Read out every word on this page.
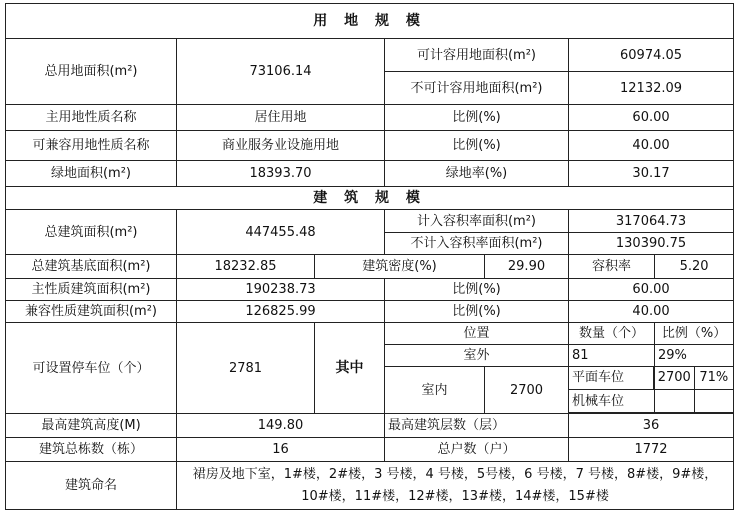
用 地 规 模						
总用地面积(m²)	73106.14		可计容用地面积(m²)		60974.05	
			不可计容用地面积(m²)		12132.09	
主用地性质名称	居住用地		比例(%)		60.00	
可兼容用地性质名称	商业服务业设施用地		比例(%)		40.00	
绿地面积(m²)	18393.70		绿地率(%)		30.17	
建 筑 规 模						
总建筑面积(m²)	447455.48		计入容积率面积(m²)		317064.73	
			不计入容积率面积(m²)		130390.75	
总建筑基底面积(m²)	18232.85	建筑密度(%)		29.90	容积率	5.20
主性质建筑面积(m²)	190238.73		比例(%)		60.00	
兼容性质建筑面积(m²)	126825.99		比例(%)		40.00	
可设置停车位（个）	2781	其中	位置		数量（个）	比例（%）
			室外		81	29%
			室内	2700	平面车位	2700 71%

					机械车位	

最高建筑高度(M)	149.80		最高建筑层数（层）		36	
建筑总栋数（栋）	16		总户数（户）		1772	
建筑命名	裙房及地下室，1#楼，2#楼，3 号楼，4 号楼，5号楼，6 号楼，7 号楼，8#楼，9#楼，10#楼，11#楼，12#楼，13#楼，14#楼，15#楼					
